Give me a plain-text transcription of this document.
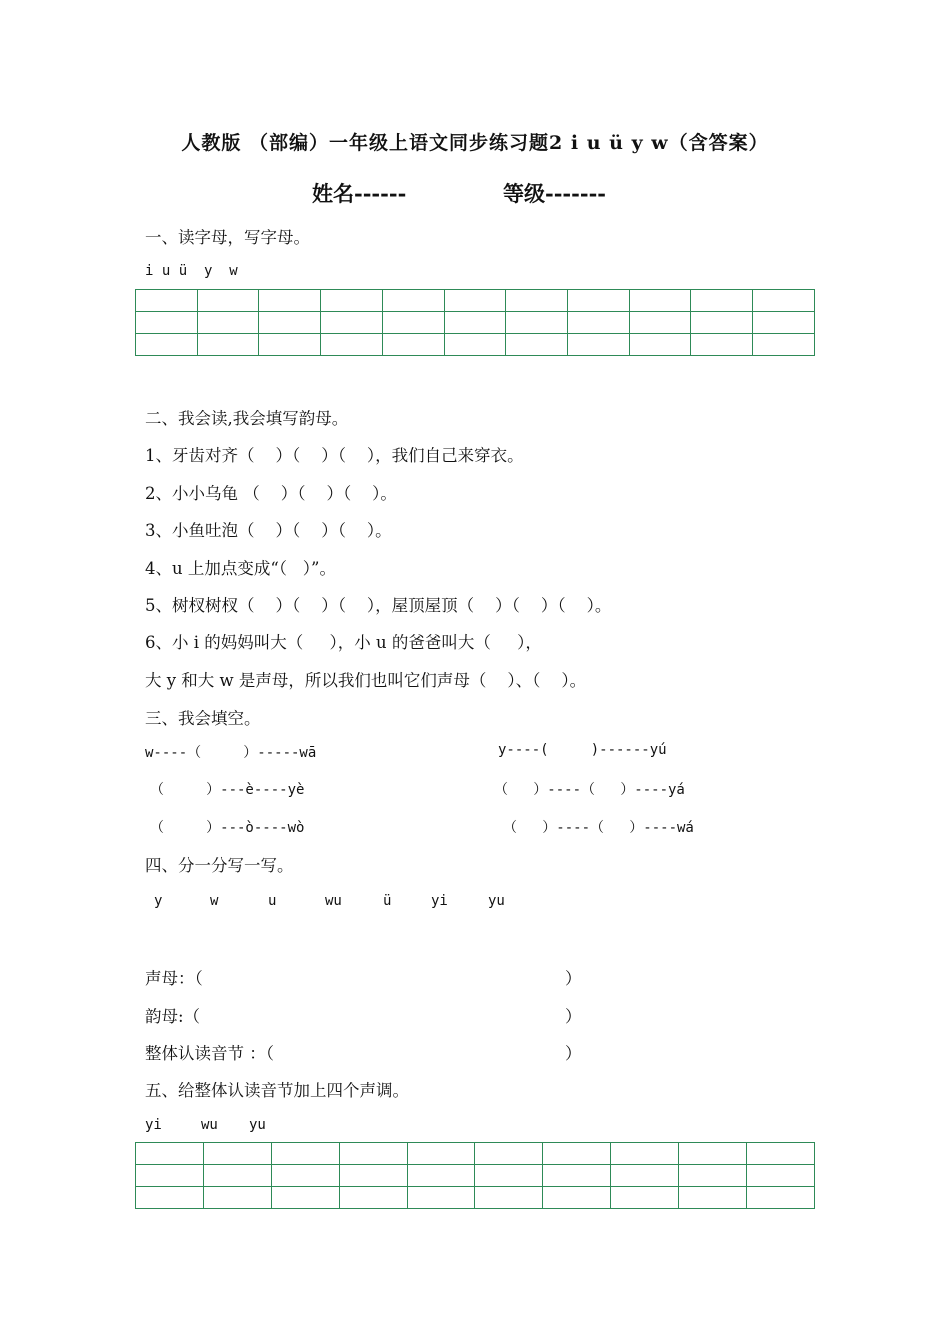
人教版 （部编）一年级上语文同步练习题2 i u ü y w（含答案）
姓名------	等级-------
一、读字母，写字母。
i u ü  y  w

二、我会读,我会填写韵母。
1、牙齿对齐（    ）（    ）（    ），我们自己来穿衣。
2、小小乌龟 （    ）（    ）（    ）。
3、小鱼吐泡（    ）（    ）（    ）。
4、u 上加点变成“（   ）”。
5、树杈树杈（    ）（    ）（    ），屋顶屋顶（    ）（    ）（    ）。
6、小 i 的妈妈叫大（     ），小 u 的爸爸叫大（     ），
大 y 和大 w 是声母，所以我们也叫它们声母（    ）、（    ）。
三、我会填空。
w----（     ）-----wā
（     ）---è----yè
（     ）---ò----wò
y----(     )------yú
（   ）----（   ）----yá
（   ）----（   ）----wá
四、分一分写一写。
y	w	u	wu	ü	yi	yu
声母：（	）
韵母:（	）
整体认读音节 ：（	）
五、给整体认读音节加上四个声调。
yi	wu yu
